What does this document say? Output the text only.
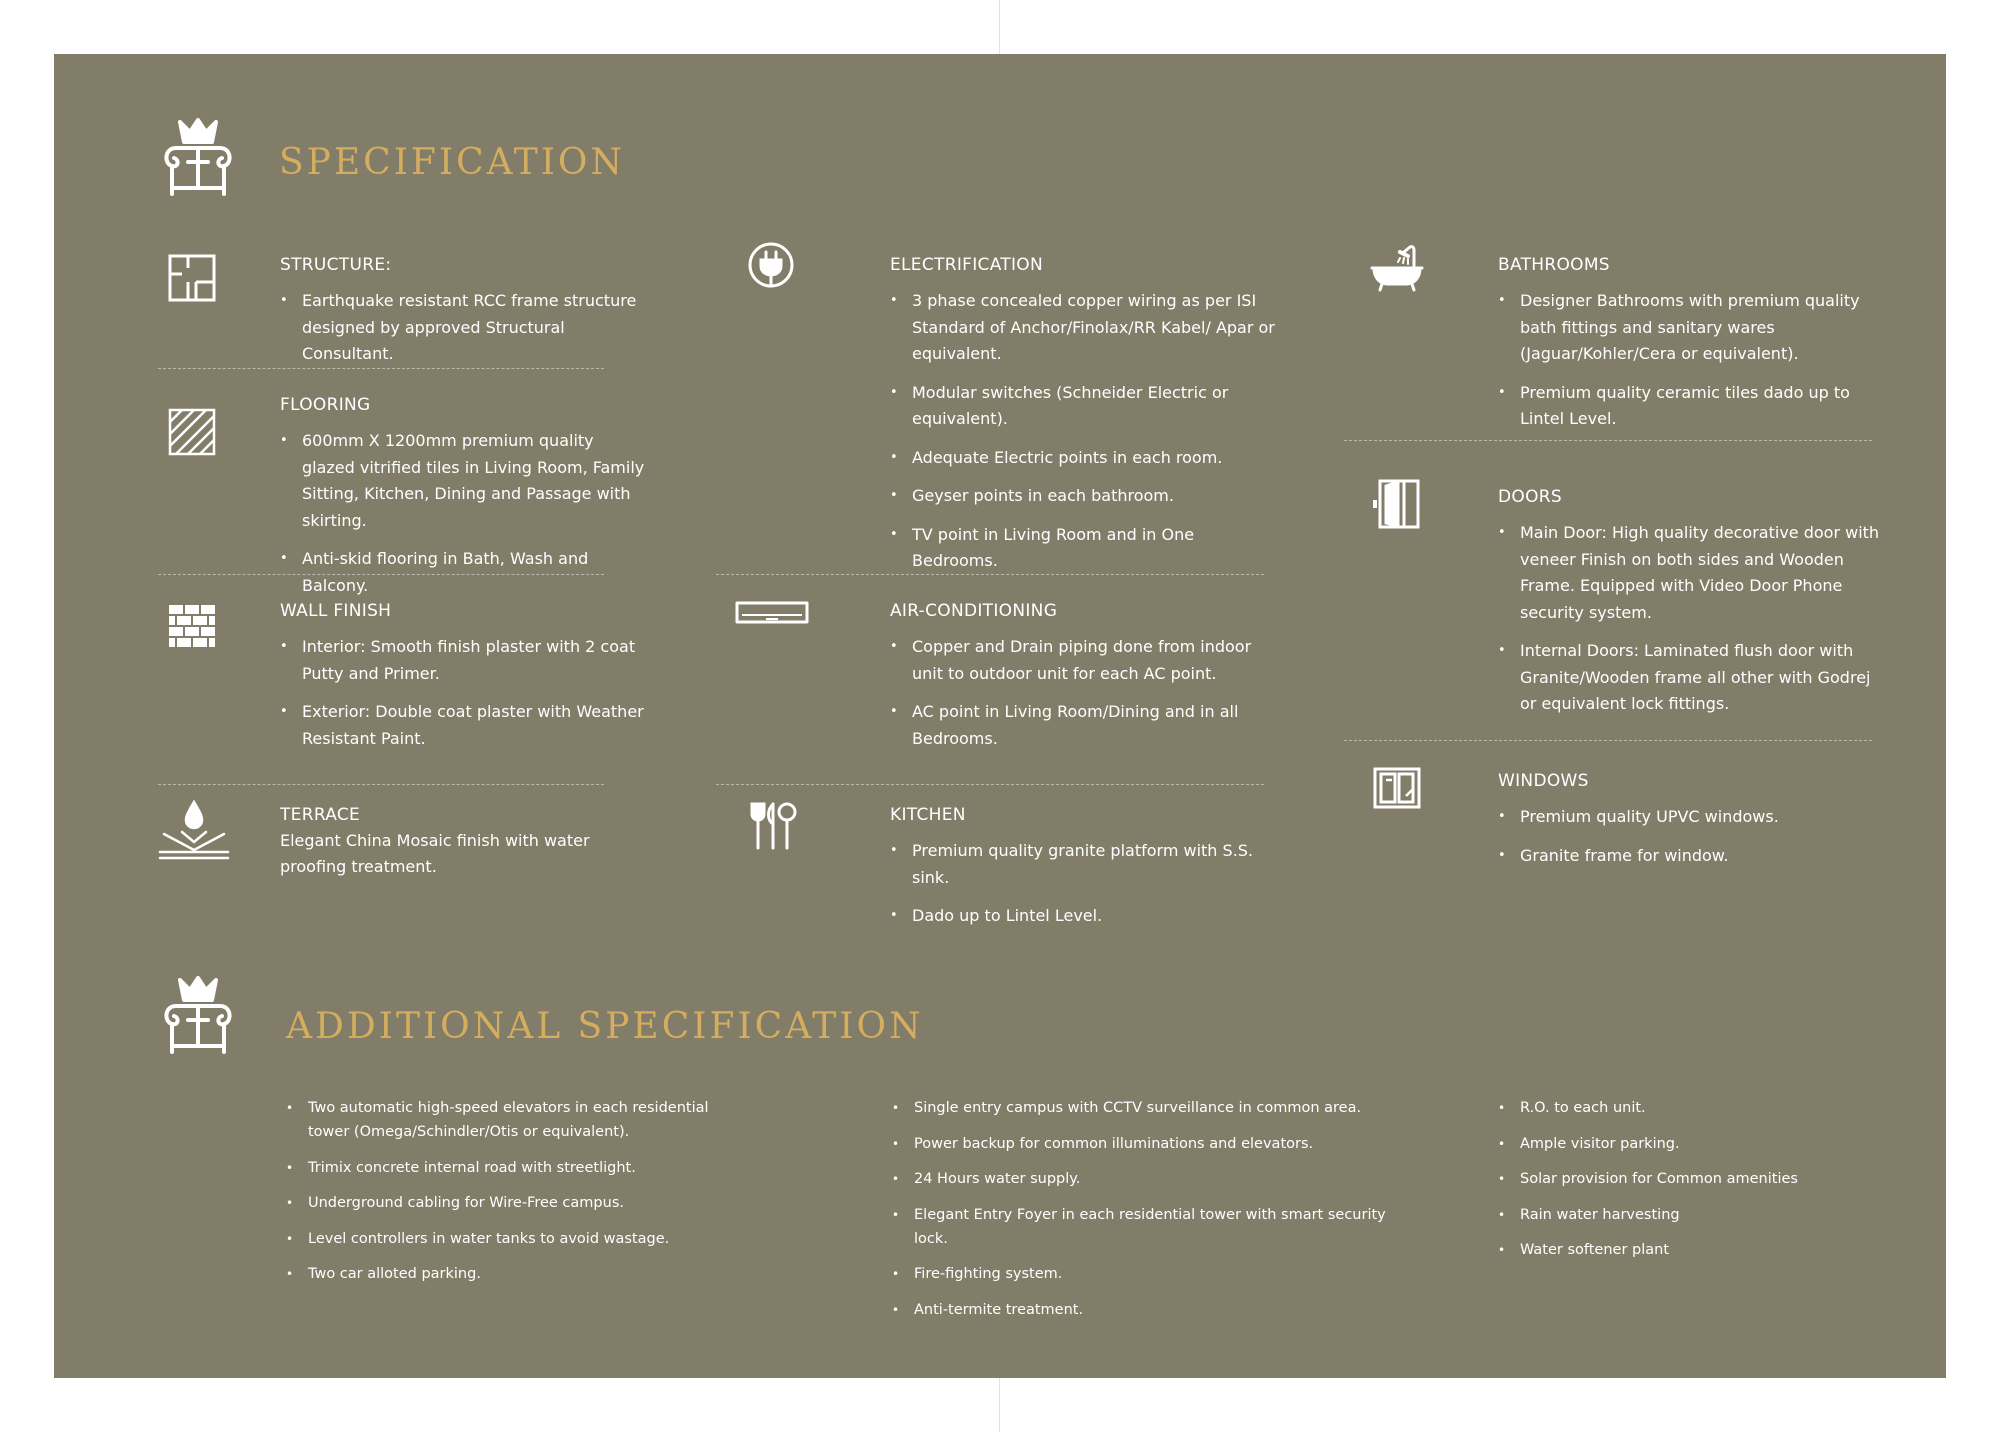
SPECIFICATION
STRUCTURE:
• Earthquake resistant RCC frame structure designed by approved Structural Consultant.
FLOORING
• 600mm X 1200mm premium quality glazed vitrified tiles in Living Room, Family Sitting, Kitchen, Dining and Passage with skirting.
• Anti-skid flooring in Bath, Wash and Balcony.
WALL FINISH
• Interior: Smooth finish plaster with 2 coat Putty and Primer.
• Exterior: Double coat plaster with Weather Resistant Paint.
TERRACE
Elegant China Mosaic finish with water proofing treatment.
ELECTRIFICATION
• 3 phase concealed copper wiring as per ISI Standard of Anchor/Finolax/RR Kabel/ Apar or equivalent.
• Modular switches (Schneider Electric or equivalent).
• Adequate Electric points in each room.
• Geyser points in each bathroom.
• TV point in Living Room and in One Bedrooms.
AIR-CONDITIONING
• Copper and Drain piping done from indoor unit to outdoor unit for each AC point.
• AC point in Living Room/Dining and in all Bedrooms.
KITCHEN
• Premium quality granite platform with S.S. sink.
• Dado up to Lintel Level.
BATHROOMS
• Designer Bathrooms with premium quality bath fittings and sanitary wares (Jaguar/Kohler/Cera or equivalent).
• Premium quality ceramic tiles dado up to Lintel Level.
DOORS
• Main Door: High quality decorative door with veneer Finish on both sides and Wooden Frame. Equipped with Video Door Phone security system.
• Internal Doors: Laminated flush door with Granite/Wooden frame all other with Godrej or equivalent lock fittings.
WINDOWS
• Premium quality UPVC windows.
• Granite frame for window.
ADDITIONAL SPECIFICATION
• Two automatic high-speed elevators in each residential tower (Omega/Schindler/Otis or equivalent).
• Trimix concrete internal road with streetlight.
• Underground cabling for Wire-Free campus.
• Level controllers in water tanks to avoid wastage.
• Two car alloted parking.
• Single entry campus with CCTV surveillance in common area.
• Power backup for common illuminations and elevators.
• 24 Hours water supply.
• Elegant Entry Foyer in each residential tower with smart security lock.
• Fire-fighting system.
• Anti-termite treatment.
• R.O. to each unit.
• Ample visitor parking.
• Solar provision for Common amenities
• Rain water harvesting
• Water softener plant
